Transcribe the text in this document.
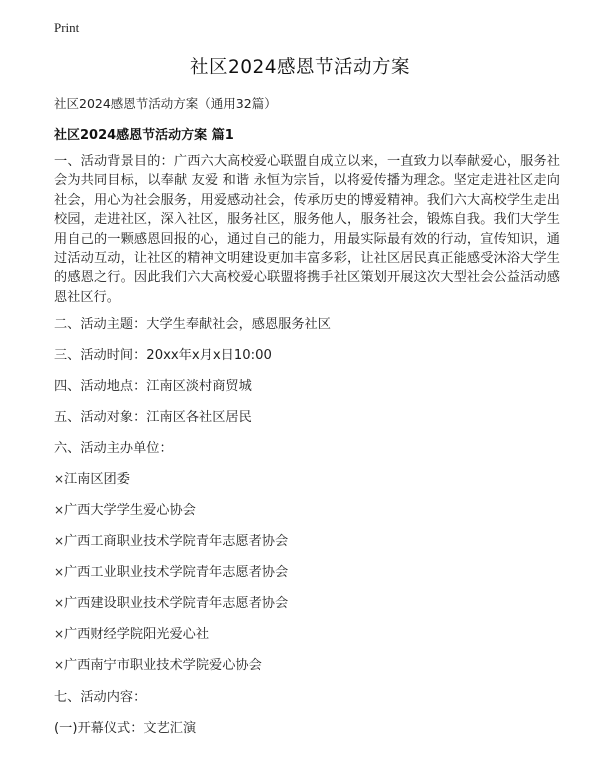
Print
社区2024感恩节活动方案
社区2024感恩节活动方案（通用32篇）
社区2024感恩节活动方案 篇1
一、活动背景目的：广西六大高校爱心联盟自成立以来，一直致力以奉献爱心，服务社会为共同目标，以奉献 友爱 和谐 永恒为宗旨，以将爱传播为理念。坚定走进社区走向社会，用心为社会服务，用爱感动社会，传承历史的博爱精神。我们六大高校学生走出校园，走进社区，深入社区，服务社区，服务他人，服务社会，锻炼自我。我们大学生用自己的一颗感恩回报的心，通过自己的能力，用最实际最有效的行动，宣传知识，通过活动互动，让社区的精神文明建设更加丰富多彩，让社区居民真正能感受沐浴大学生的感恩之行。因此我们六大高校爱心联盟将携手社区策划开展这次大型社会公益活动感恩社区行。
二、活动主题：大学生奉献社会，感恩服务社区
三、活动时间：20xx年x月x日10:00
四、活动地点：江南区淡村商贸城
五、活动对象：江南区各社区居民
六、活动主办单位：
×江南区团委
×广西大学学生爱心协会
×广西工商职业技术学院青年志愿者协会
×广西工业职业技术学院青年志愿者协会
×广西建设职业技术学院青年志愿者协会
×广西财经学院阳光爱心社
×广西南宁市职业技术学院爱心协会
七、活动内容：
(一)开幕仪式：文艺汇演
